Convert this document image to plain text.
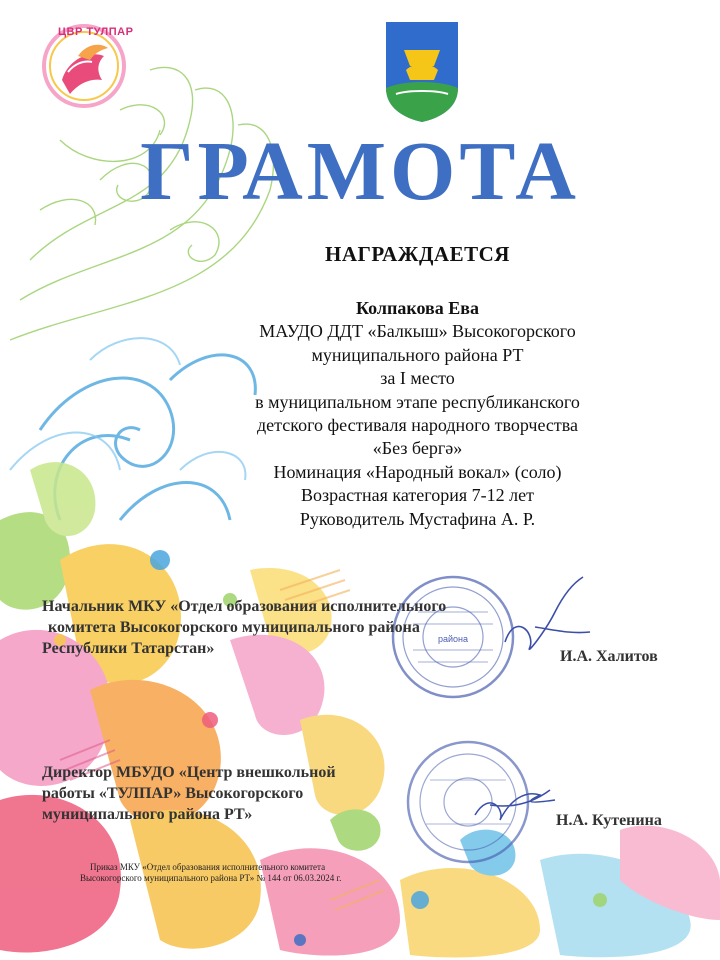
ЦВР ТУЛПАР
ГРАМОТА
НАГРАЖДАЕТСЯ
Колпакова Ева
МАУДО ДДТ «Балкыш» Высокогорского
муниципального района РТ
за I место
в муниципальном этапе республиканского
детского фестиваля народного творчества
«Без бергә»
Номинация «Народный вокал» (соло)
Возрастная категория 7-12 лет
Руководитель Мустафина А. Р.
района
Начальник МКУ «Отдел образования исполнительного
комитета Высокогорского муниципального района
Республики Татарстан»	И.А. Халитов
Директор МБУДО «Центр внешкольной
работы «ТУЛПАР» Высокогорского
муниципального района РТ»	Н.А. Кутенина
Приказ МКУ «Отдел образования исполнительного комитета
Высокогорского муниципального района РТ» № 144 от 06.03.2024 г.
